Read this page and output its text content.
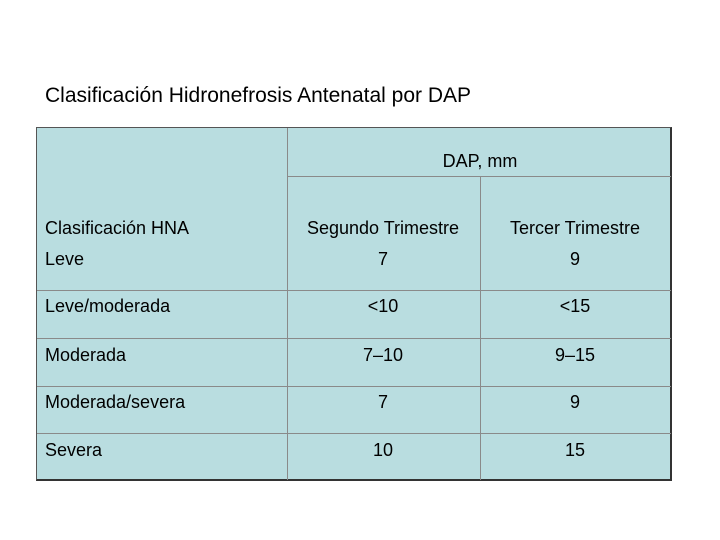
Clasificación Hidronefrosis Antenatal por DAP
DAP, mm
Clasificación HNA	Segundo Trimestre	Tercer Trimestre
Leve	7	9
Leve/moderada	<10	<15
Moderada	7–10	9–15
Moderada/severa	7	9
Severa	10	15
